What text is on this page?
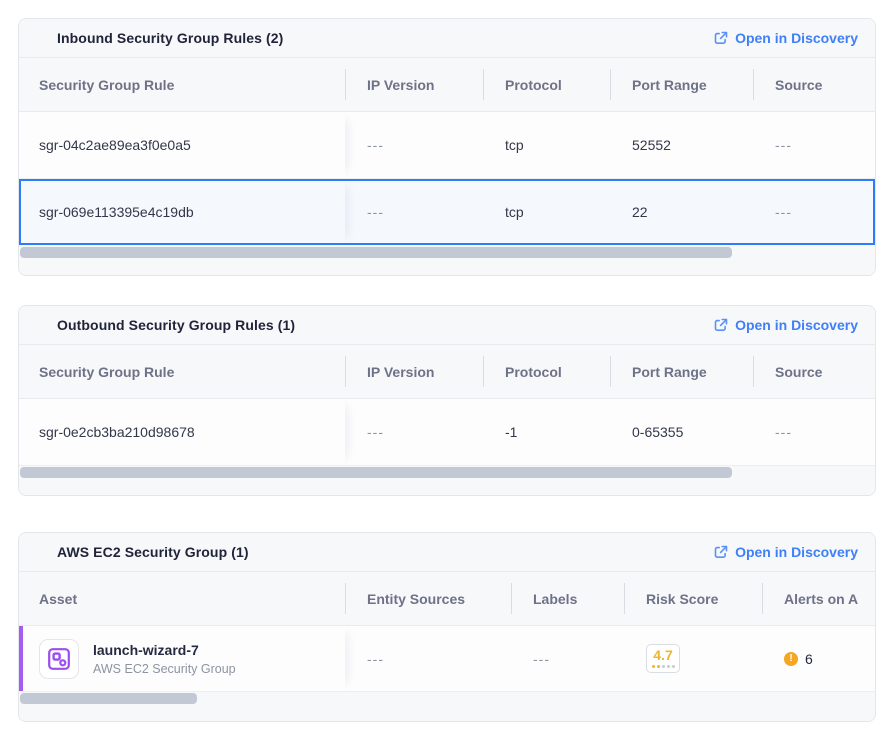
Inbound Security Group Rules (2)	Open in Discovery
Security Group Rule	IP Version	Protocol	Port Range	Source
sgr-04c2ae89ea3f0e0a5	---	tcp	52552	---
sgr-069e113395e4c19db	---	tcp	22	---
Outbound Security Group Rules (1)	Open in Discovery
Security Group Rule	IP Version	Protocol	Port Range	Source
sgr-0e2cb3ba210d98678	---	-1	0-65355	---
AWS EC2 Security Group (1)	Open in Discovery
Asset	Entity Sources	Labels	Risk Score	Alerts on A
launch-wizard-7
AWS EC2 Security Group
---	---	4.7	! 6
